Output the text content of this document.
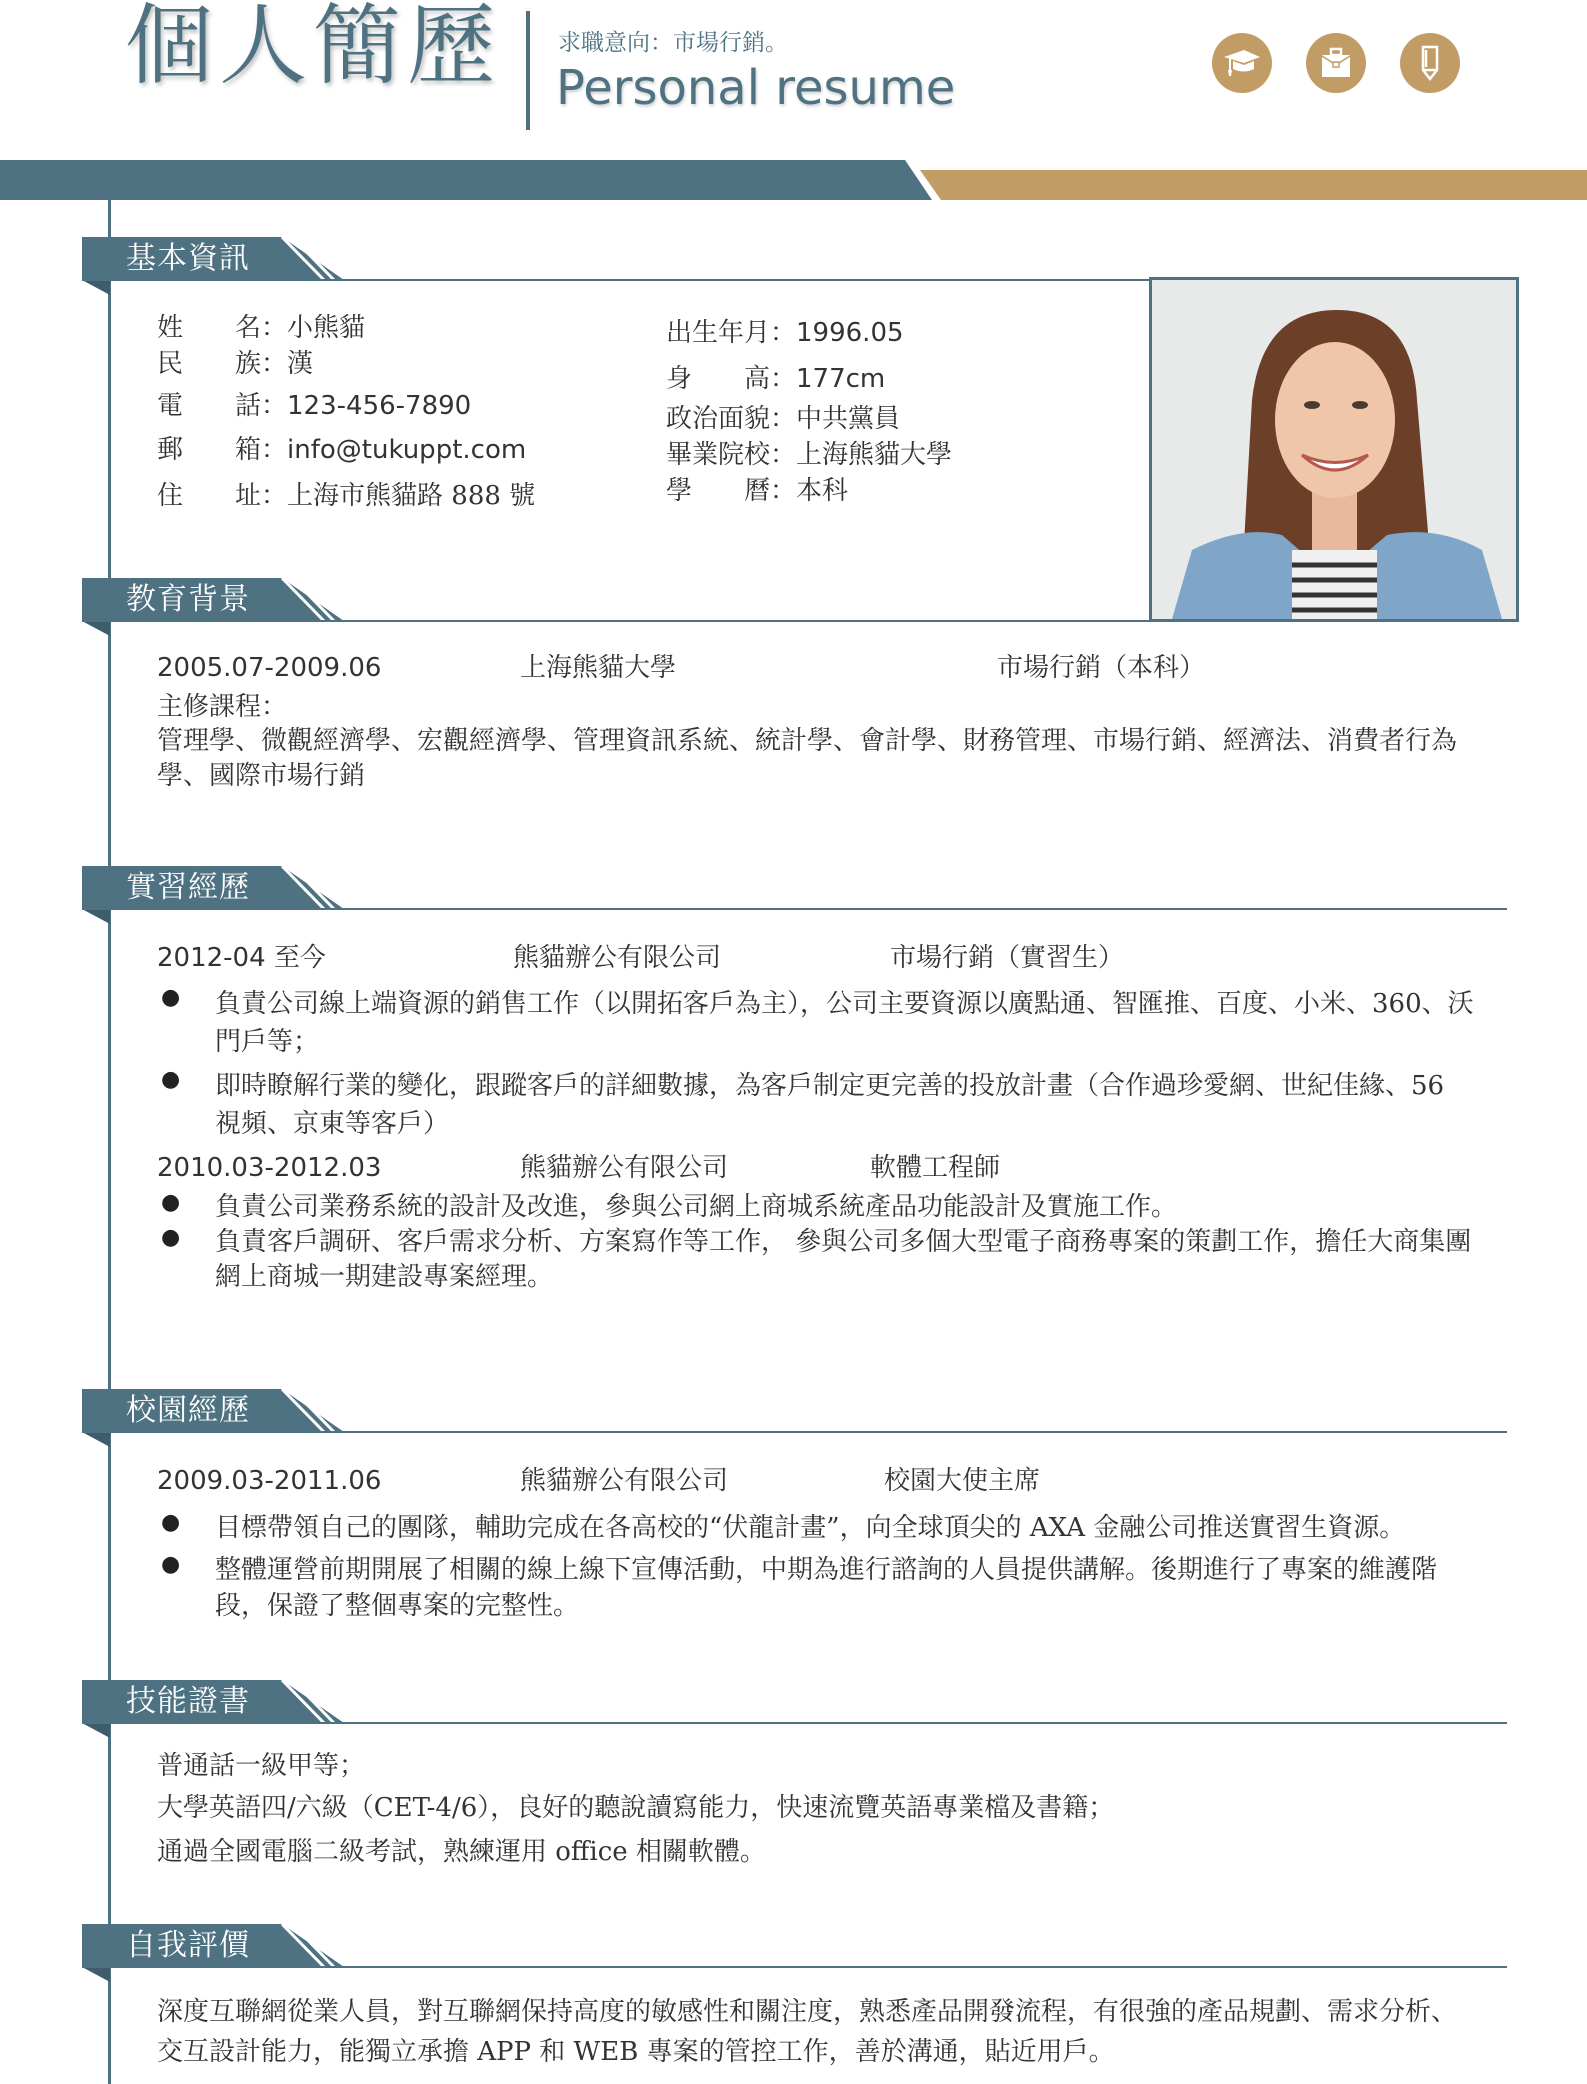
個人簡歷 求職意向：市場行銷。
Personal resume
基本資訊
姓　　名：小熊貓
民　　族：漢
電　　話：123-456-7890
郵　　箱：info@tukuppt.com
住　　址：上海市熊貓路 888 號
出生年月：1996.05
身　　高：177cm
政治面貌：中共黨員
畢業院校：上海熊貓大學
學　　曆：本科
教育背景
2005.07-2009.06	上海熊貓大學	市場行銷（本科）
主修課程：
管理學、微觀經濟學、宏觀經濟學、管理資訊系統、統計學、會計學、財務管理、市場行銷、經濟法、消費者行為學、國際市場行銷
實習經歷
2012-04 至今	熊貓辦公有限公司	市場行銷（實習生）
●	負責公司線上端資源的銷售工作（以開拓客戶為主），公司主要資源以廣點通、智匯推、百度、小米、360、沃門戶等；
●	即時瞭解行業的變化，跟蹤客戶的詳細數據，為客戶制定更完善的投放計畫（合作過珍愛網、世紀佳緣、56 視頻、京東等客戶）
2010.03-2012.03	熊貓辦公有限公司	軟體工程師
●	負責公司業務系統的設計及改進，參與公司網上商城系統產品功能設計及實施工作。
●	負責客戶調研、客戶需求分析、方案寫作等工作， 參與公司多個大型電子商務專案的策劃工作，擔任大商集團網上商城一期建設專案經理。
校園經歷
2009.03-2011.06	熊貓辦公有限公司	校園大使主席
●	目標帶領自己的團隊，輔助完成在各高校的“伏龍計畫”，向全球頂尖的 AXA 金融公司推送實習生資源。
●	整體運營前期開展了相關的線上線下宣傳活動，中期為進行諮詢的人員提供講解。後期進行了專案的維護階段，保證了整個專案的完整性。
技能證書
普通話一級甲等；
大學英語四/六級（CET-4/6），良好的聽說讀寫能力，快速流覽英語專業檔及書籍；
通過全國電腦二級考試，熟練運用 office 相關軟體。
自我評價
深度互聯網從業人員，對互聯網保持高度的敏感性和關注度，熟悉產品開發流程，有很強的產品規劃、需求分析、交互設計能力，能獨立承擔 APP 和 WEB 專案的管控工作，善於溝通，貼近用戶。
